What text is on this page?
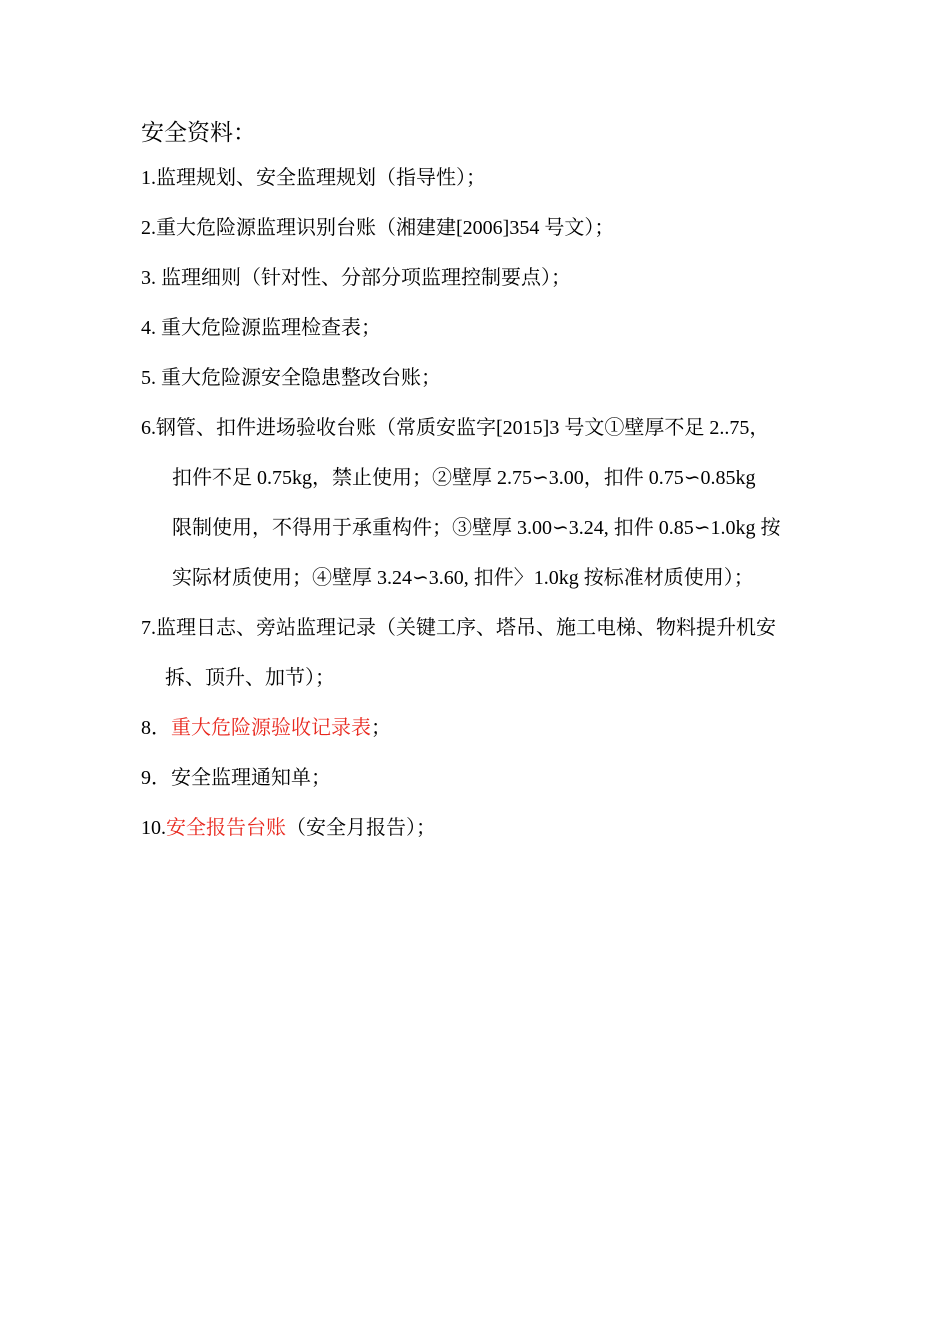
安全资料：
1.监理规划、安全监理规划（指导性）；
2.重大危险源监理识别台账（湘建建[2006]354 号文）；
3. 监理细则（针对性、分部分项监理控制要点）；
4. 重大危险源监理检查表；
5. 重大危险源安全隐患整改台账；
6.钢管、扣件进场验收台账（常质安监字[2015]3 号文①壁厚不足 2..75，
扣件不足 0.75kg，禁止使用；②壁厚 2.75∽3.00，扣件 0.75∽0.85kg
限制使用，不得用于承重构件；③壁厚 3.00∽3.24, 扣件 0.85∽1.0kg 按
实际材质使用；④壁厚 3.24∽3.60, 扣件〉1.0kg 按标准材质使用）；
7.监理日志、旁站监理记录（关键工序、塔吊、施工电梯、物料提升机安
拆、顶升、加节）；
8．重大危险源验收记录表；
9．安全监理通知单；
10.安全报告台账（安全月报告）；
